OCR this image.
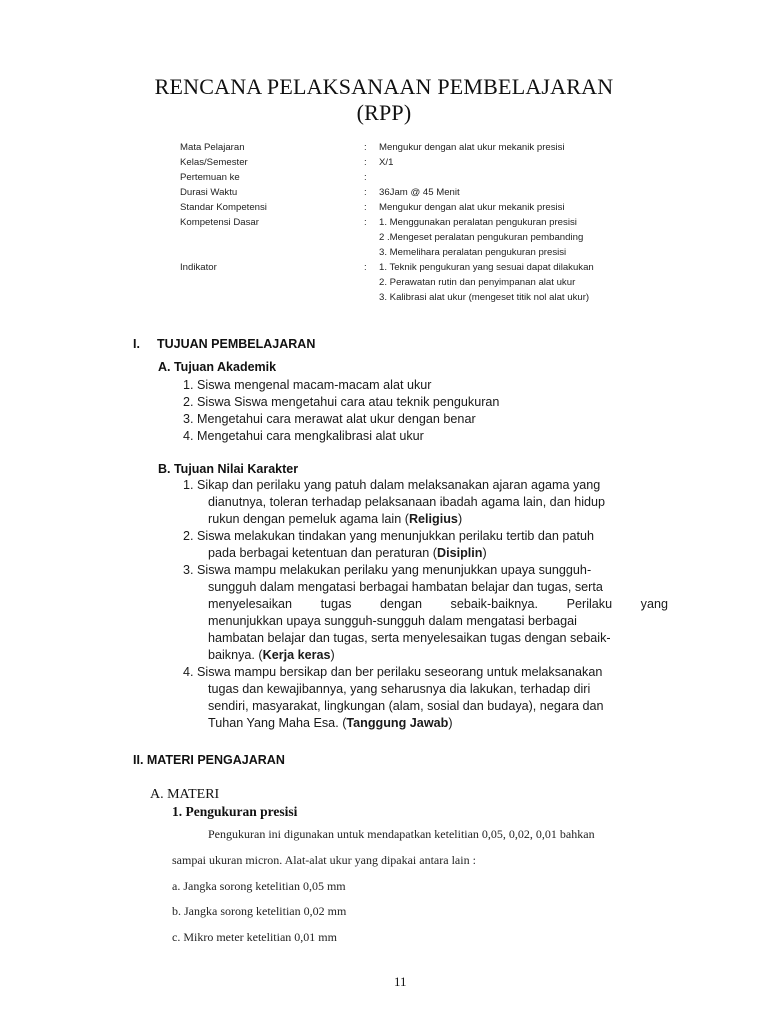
RENCANA PELAKSANAAN PEMBELAJARAN
(RPP)
Mata Pelajaran	: Mengukur dengan alat ukur mekanik presisi
Kelas/Semester	: X/1
Pertemuan ke	:
Durasi Waktu	: 36Jam @ 45 Menit
Standar Kompetensi	: Mengukur dengan alat ukur mekanik presisi
Kompetensi Dasar	: 1. Menggunakan peralatan pengukuran presisi
2 .Mengeset peralatan pengukuran pembanding
3. Memelihara peralatan pengukuran presisi
Indikator	: 1. Teknik pengukuran yang sesuai dapat dilakukan
2. Perawatan rutin dan penyimpanan alat ukur
3. Kalibrasi alat ukur (mengeset titik nol alat ukur)
I. TUJUAN PEMBELAJARAN
A. Tujuan Akademik
1. Siswa mengenal macam-macam alat ukur
2. Siswa Siswa mengetahui cara atau teknik pengukuran
3. Mengetahui cara merawat alat ukur dengan benar
4. Mengetahui cara mengkalibrasi alat ukur
B. Tujuan Nilai Karakter
1. Sikap dan perilaku yang patuh dalam melaksanakan ajaran agama yang
dianutnya, toleran terhadap pelaksanaan ibadah agama lain, dan hidup
rukun dengan pemeluk agama lain (Religius)
2. Siswa melakukan tindakan yang menunjukkan perilaku tertib dan patuh
pada berbagai ketentuan dan peraturan (Disiplin)
3. Siswa mampu melakukan perilaku yang menunjukkan upaya sungguh-
sungguh dalam mengatasi berbagai hambatan belajar dan tugas, serta
menyelesaikan tugas dengan sebaik-baiknya. Perilaku yang
menunjukkan upaya sungguh-sungguh dalam mengatasi berbagai
hambatan belajar dan tugas, serta menyelesaikan tugas dengan sebaik-
baiknya. (Kerja keras)
4. Siswa mampu bersikap dan ber perilaku seseorang untuk melaksanakan
tugas dan kewajibannya, yang seharusnya dia lakukan, terhadap diri
sendiri, masyarakat, lingkungan (alam, sosial dan budaya), negara dan
Tuhan Yang Maha Esa. (Tanggung Jawab)
II. MATERI PENGAJARAN
A. MATERI
1. Pengukuran presisi
Pengukuran ini digunakan untuk mendapatkan ketelitian 0,05, 0,02, 0,01 bahkan
sampai ukuran micron. Alat-alat ukur yang dipakai antara lain :
a. Jangka sorong ketelitian 0,05 mm
b. Jangka sorong ketelitian 0,02 mm
c. Mikro meter ketelitian 0,01 mm
11
